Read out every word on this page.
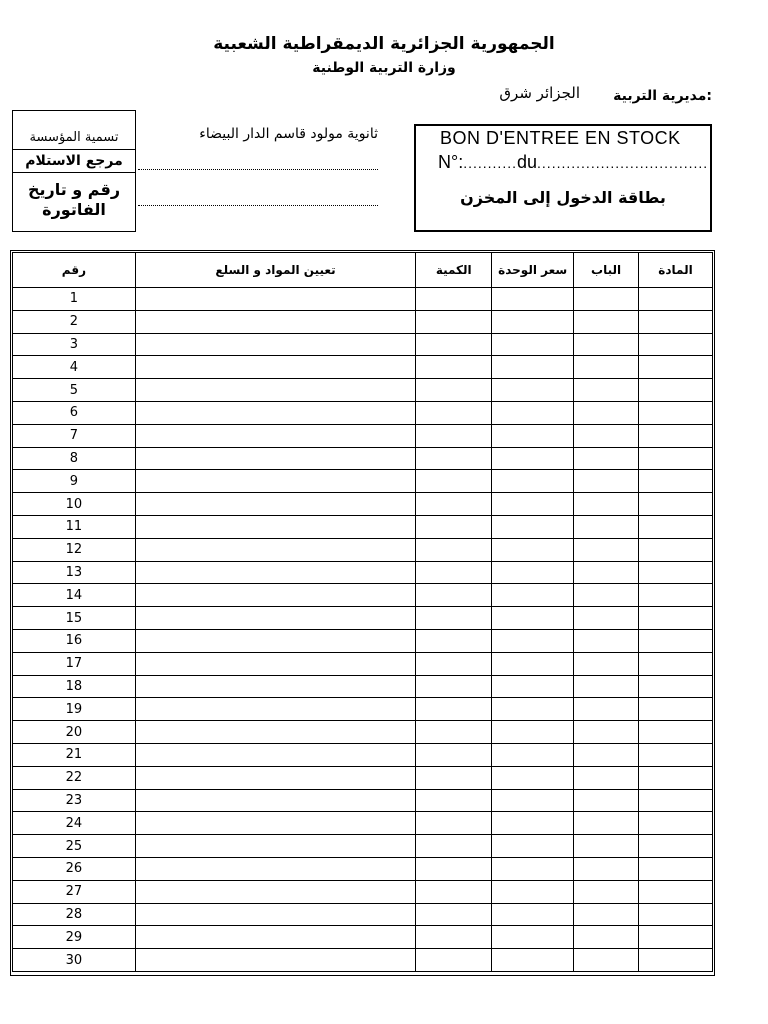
الجمهورية الجزائرية الديمقراطية الشعبية
وزارة التربية الوطنية
:مديرية التربية
الجزائر شرق
تسمية المؤسسة
مرجع الاستلام
رقم و تاريخ الفاتورة
ثانوية مولود قاسم الدار البيضاء	BON D'ENTREE EN STOCK
N°:...........du...................................
بطاقة الدخول إلى المخزن
رقم	تعيين المواد و السلع	الكمية	سعر الوحدة	الباب	المادة
1					
2					
3					
4					
5					
6					
7					
8					
9					
10					
11					
12					
13					
14					
15					
16					
17					
18					
19					
20					
21					
22					
23					
24					
25					
26					
27					
28					
29					
30					
